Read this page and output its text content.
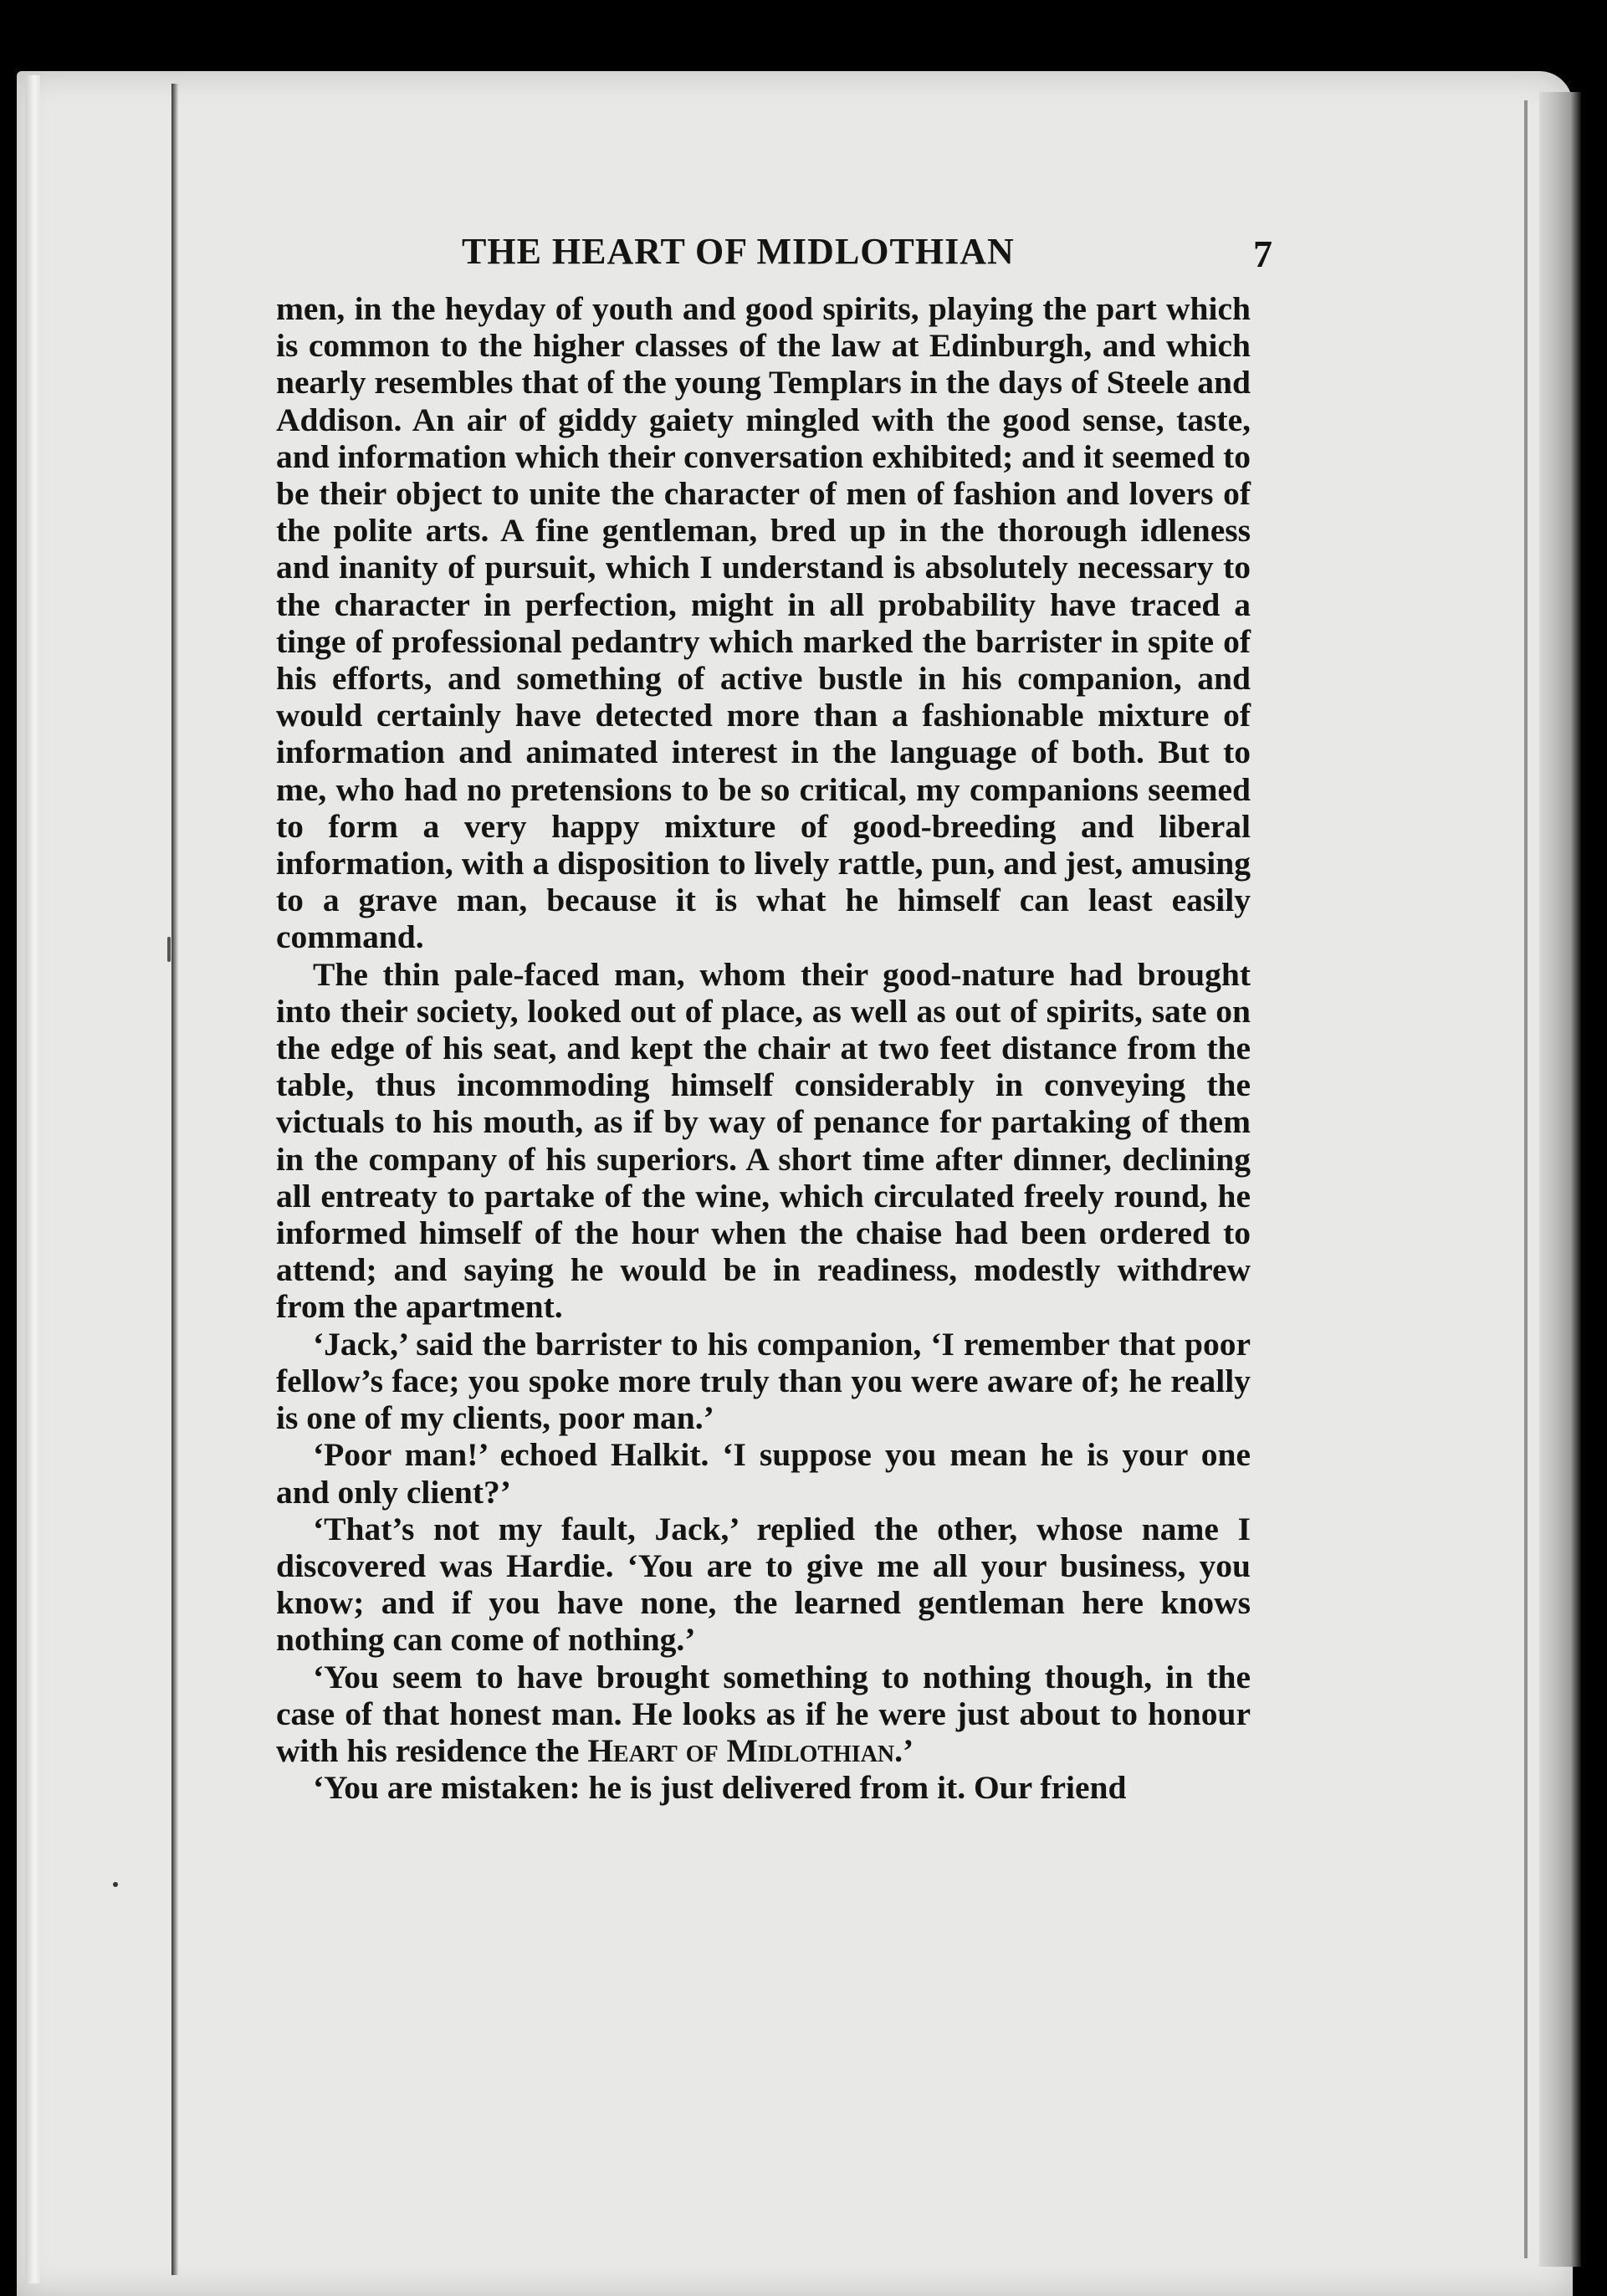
THE HEART OF MIDLOTHIAN	7

men, in the heyday of youth and good spirits, playing the part which is common to the higher classes of the law at Edinburgh, and which nearly resembles that of the young Templars in the days of Steele and Addison. An air of giddy gaiety mingled with the good sense, taste, and information which their conversation exhibited; and it seemed to be their object to unite the character of men of fashion and lovers of the polite arts. A fine gentleman, bred up in the thorough idleness and inanity of pursuit, which I understand is absolutely necessary to the character in perfection, might in all probability have traced a tinge of professional pedantry which marked the barrister in spite of his efforts, and something of active bustle in his companion, and would certainly have detected more than a fashionable mixture of information and animated interest in the language of both. But to me, who had no pretensions to be so critical, my companions seemed to form a very happy mixture of good-breeding and liberal information, with a disposition to lively rattle, pun, and jest, amusing to a grave man, because it is what he himself can least easily command.

The thin pale-faced man, whom their good-nature had brought into their society, looked out of place, as well as out of spirits, sate on the edge of his seat, and kept the chair at two feet distance from the table, thus incommoding himself considerably in conveying the victuals to his mouth, as if by way of penance for partaking of them in the company of his superiors. A short time after dinner, declining all entreaty to partake of the wine, which circulated freely round, he informed himself of the hour when the chaise had been ordered to attend; and saying he would be in readiness, modestly withdrew from the apartment.

‘Jack,’ said the barrister to his companion, ‘I remember that poor fellow’s face; you spoke more truly than you were aware of; he really is one of my clients, poor man.’

‘Poor man!’ echoed Halkit. ‘I suppose you mean he is your one and only client?’

‘That’s not my fault, Jack,’ replied the other, whose name I discovered was Hardie. ‘You are to give me all your business, you know; and if you have none, the learned gentleman here knows nothing can come of nothing.’

‘You seem to have brought something to nothing though, in the case of that honest man. He looks as if he were just about to honour with his residence the Heart of Midlothian.’

‘You are mistaken: he is just delivered from it. Our friend
